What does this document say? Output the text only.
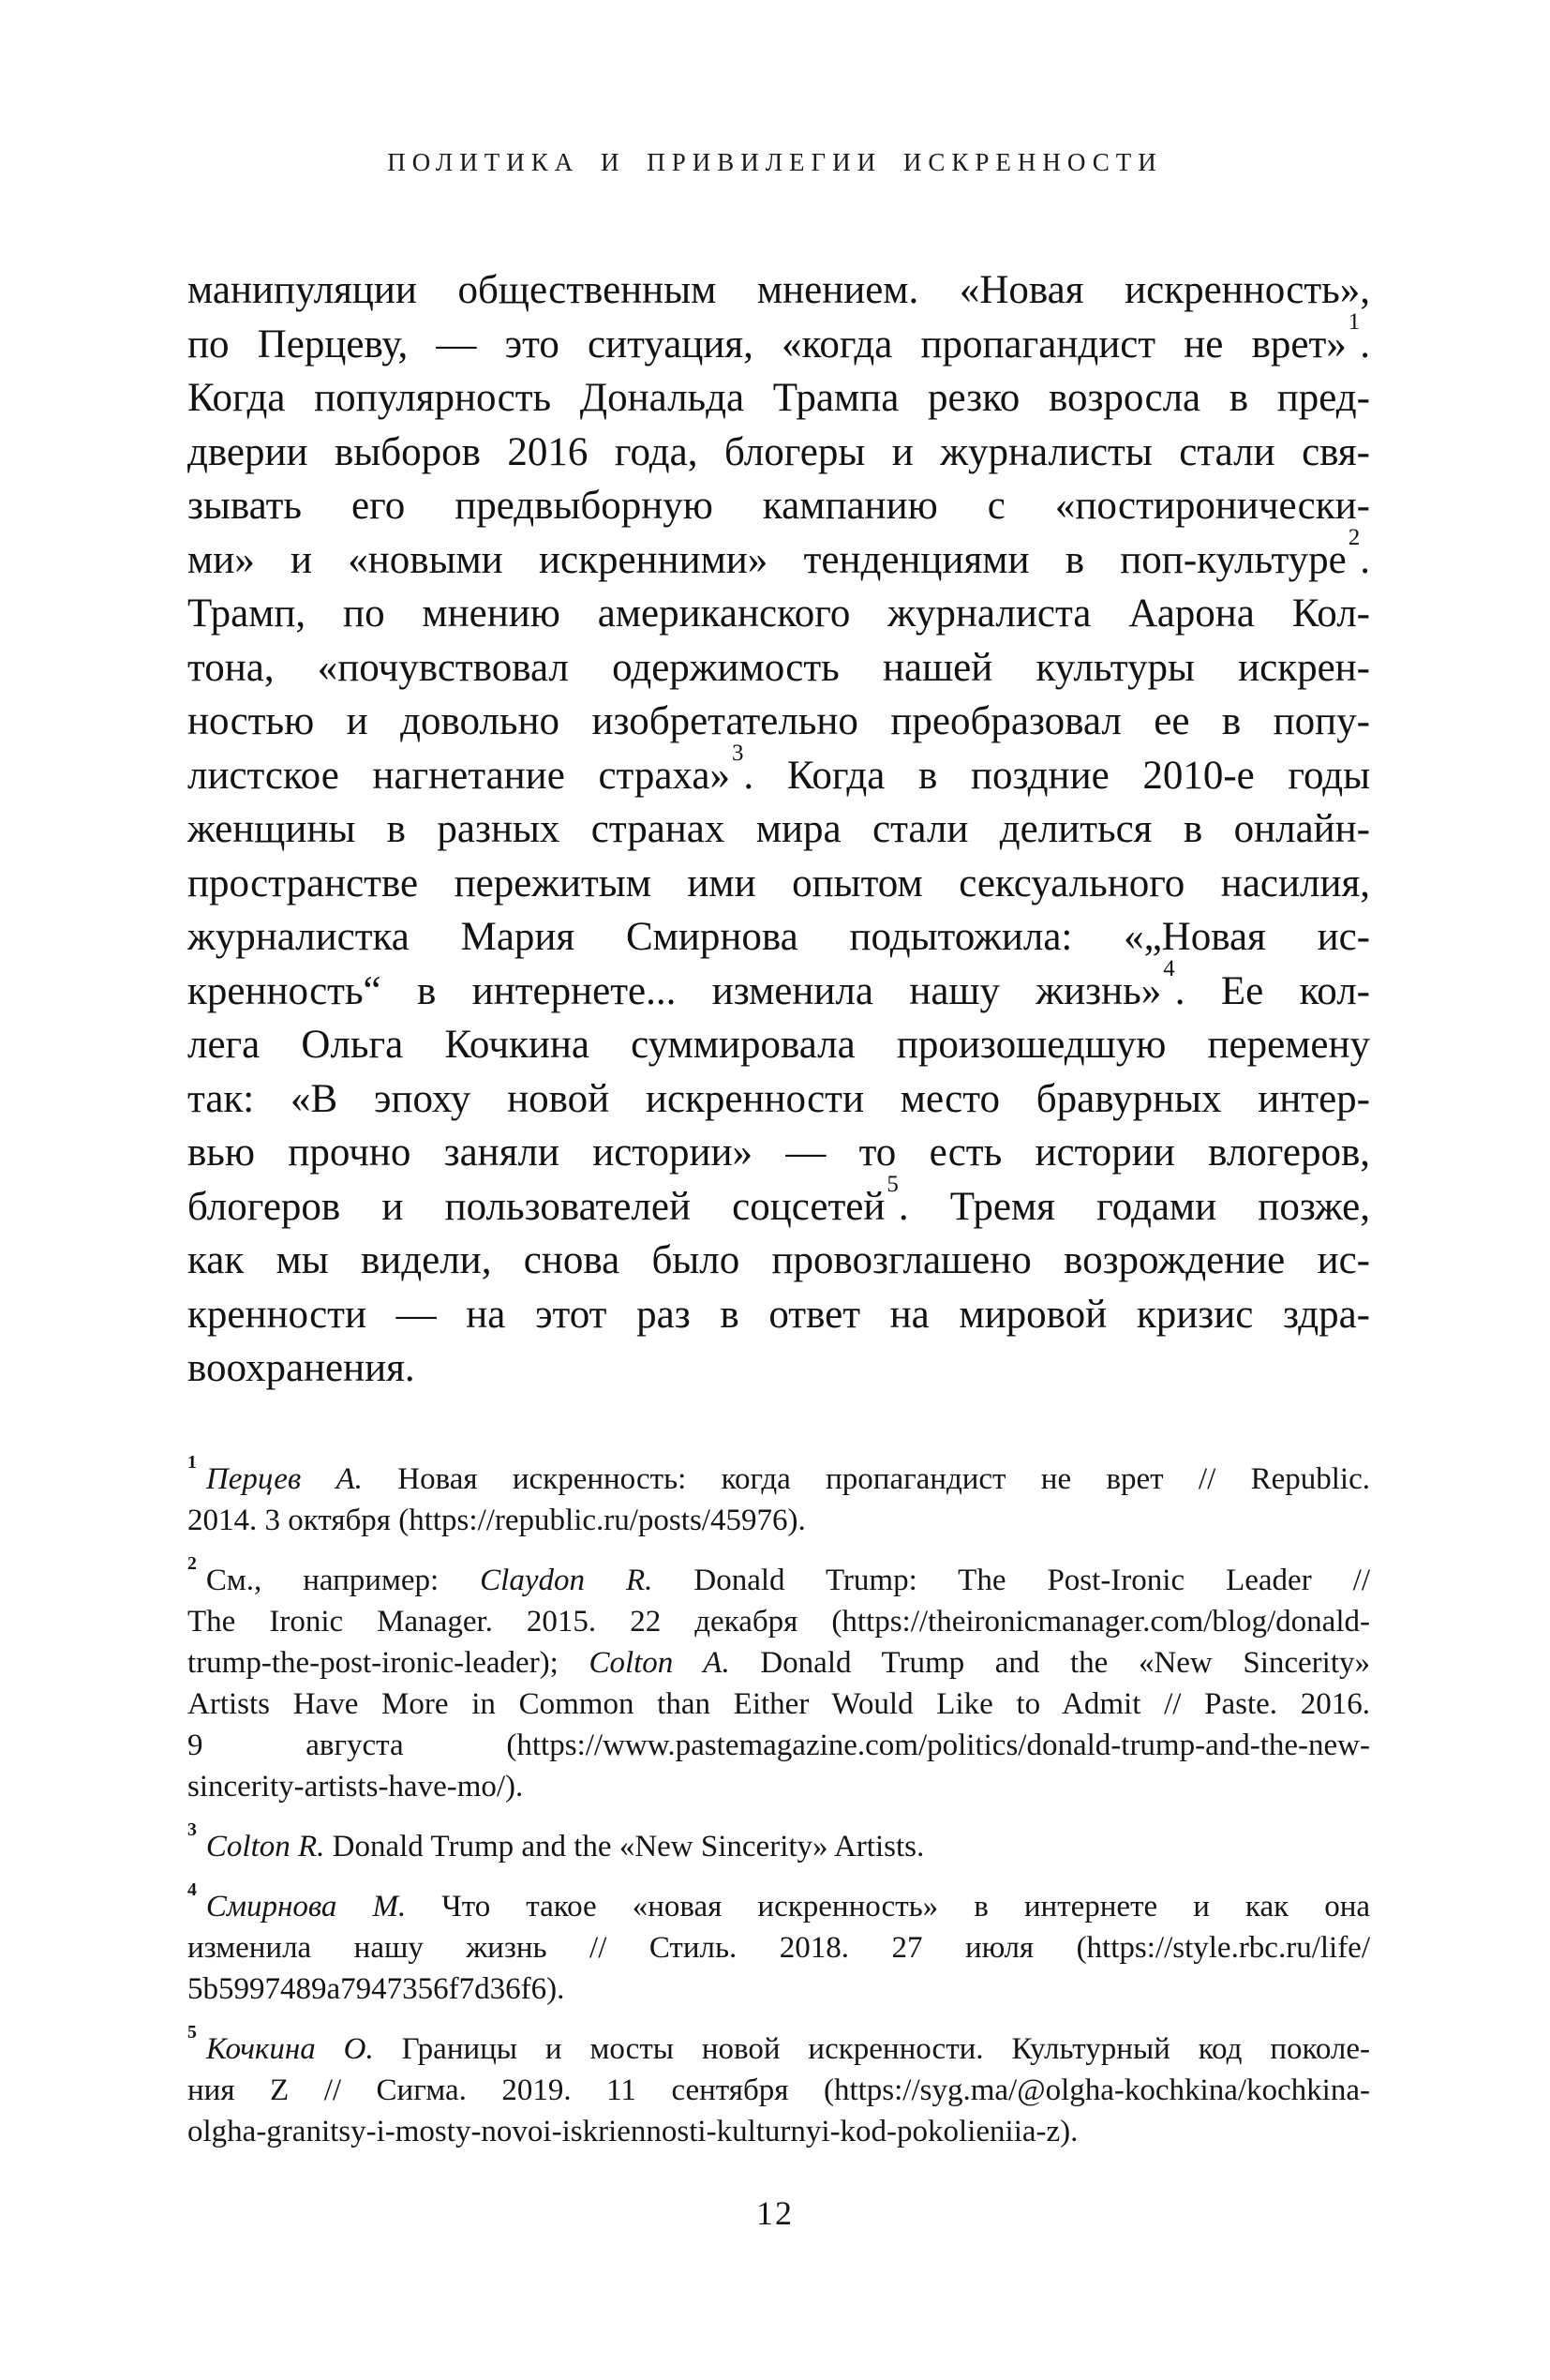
ПОЛИТИКА И ПРИВИЛЕГИИ ИСКРЕННОСТИ
манипуляции общественным мнением. «Новая искренность»,
по Перцеву, — это ситуация, «когда пропагандист не врет»$^1$.
Когда популярность Дональда Трампа резко возросла в пред-
дверии выборов 2016 года, блогеры и журналисты стали свя-
зывать его предвыборную кампанию с «постиронически-
ми» и «новыми искренними» тенденциями в поп-культуре$^2$.
Трамп, по мнению американского журналиста Аарона Кол-
тона, «почувствовал одержимость нашей культуры искрен-
ностью и довольно изобретательно преобразовал ее в попу-
листское нагнетание страха»$^3$. Когда в поздние 2010-е годы
женщины в разных странах мира стали делиться в онлайн-
пространстве пережитым ими опытом сексуального насилия,
журналистка Мария Смирнова подытожила: «„Новая ис-
кренность“ в интернете... изменила нашу жизнь»$^4$. Ее кол-
лега Ольга Кочкина суммировала произошедшую перемену
так: «В эпоху новой искренности место бравурных интер-
вью прочно заняли истории» — то есть истории влогеров,
блогеров и пользователей соцсетей$^5$. Тремя годами позже,
как мы видели, снова было провозглашено возрождение ис-
кренности — на этот раз в ответ на мировой кризис здра-
воохранения.
$^1$ Перцев А. Новая искренность: когда пропагандист не врет // Republic.
2014. 3 октября (https://republic.ru/posts/45976).
$^2$ См., например: Claydon R. Donald Trump: The Post-Ironic Leader //
The Ironic Manager. 2015. 22 декабря (https://theironicmanager.com/blog/donald-
trump-the-post-ironic-leader); Colton A. Donald Trump and the «New Sincerity»
Artists Have More in Common than Either Would Like to Admit // Paste. 2016.
9 августа (https://www.pastemagazine.com/politics/donald-trump-and-the-new-
sincerity-artists-have-mo/).
$^3$ Colton R. Donald Trump and the «New Sincerity» Artists.
$^4$ Смирнова М. Что такое «новая искренность» в интернете и как она
изменила нашу жизнь // Стиль. 2018. 27 июля (https://style.rbc.ru/life/
5b5997489a7947356f7d36f6).
$^5$ Кочкина О. Границы и мосты новой искренности. Культурный код поколе-
ния Z // Сигма. 2019. 11 сентября (https://syg.ma/@olgha-kochkina/kochkina-
olgha-granitsy-i-mosty-novoi-iskriennosti-kulturnyi-kod-pokolieniia-z).
12
